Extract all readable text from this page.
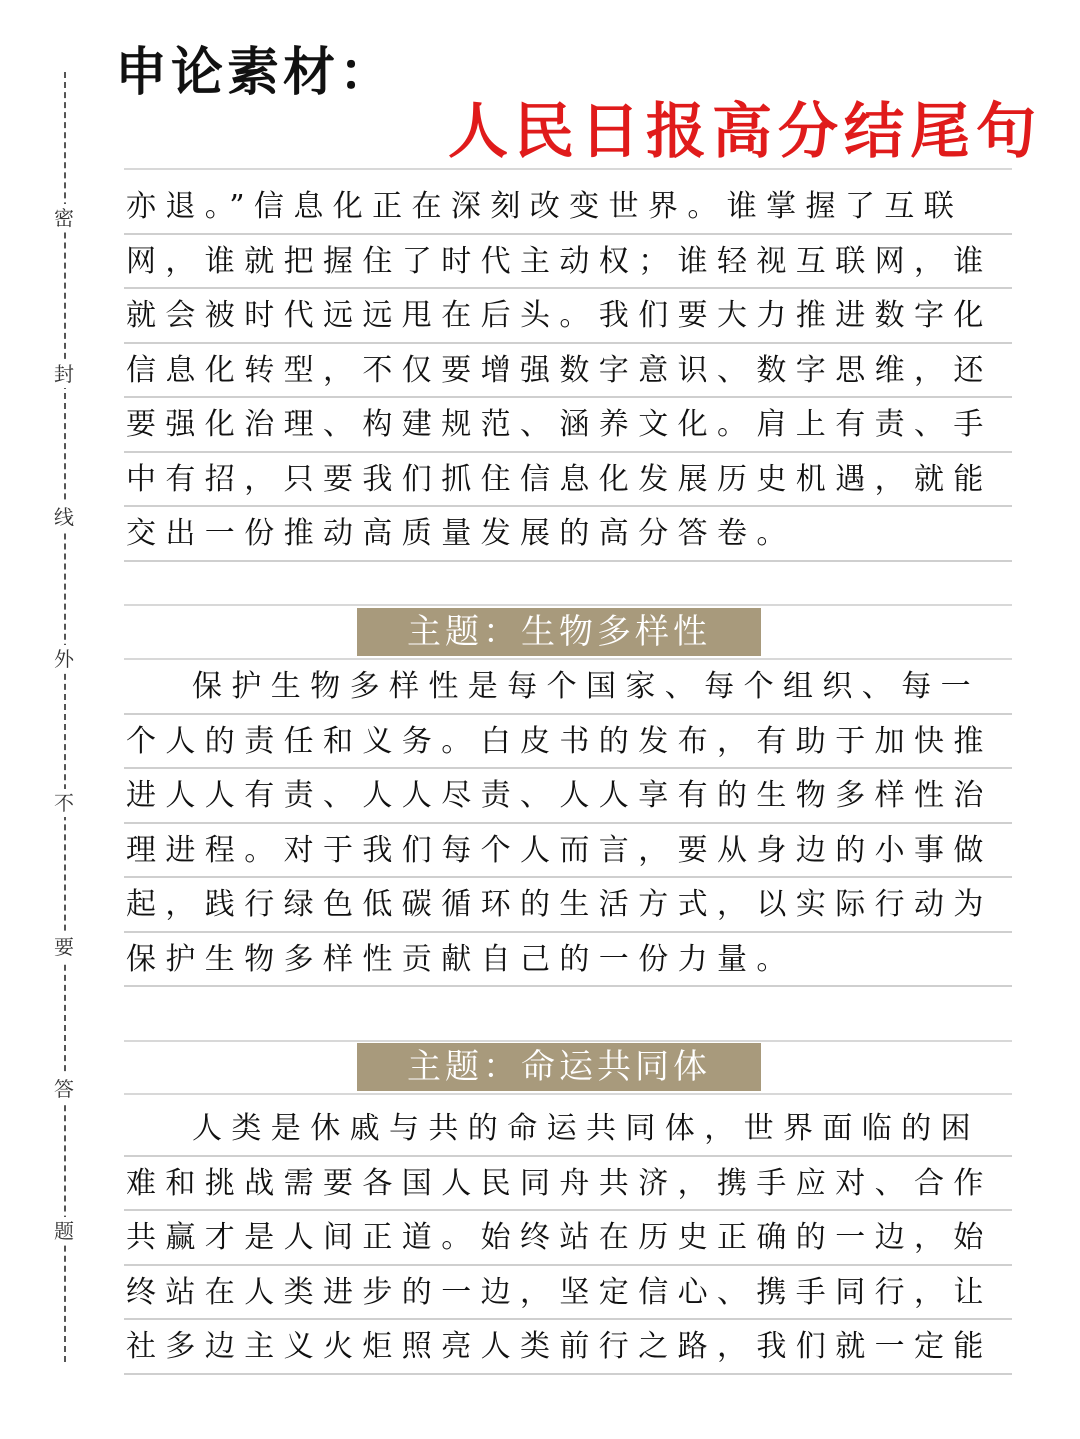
密
封
线
外
不
要
答
题
申论素材：
人民日报高分结尾句
亦退。”信息化正在深刻改变世界。谁掌握了互联
网，谁就把握住了时代主动权；谁轻视互联网，谁
就会被时代远远甩在后头。我们要大力推进数字化
信息化转型，不仅要增强数字意识、数字思维，还
要强化治理、构建规范、涵养文化。肩上有责、手
中有招，只要我们抓住信息化发展历史机遇，就能
交出一份推动高质量发展的高分答卷。
主题：生物多样性
保护生物多样性是每个国家、每个组织、每一
个人的责任和义务。白皮书的发布，有助于加快推
进人人有责、人人尽责、人人享有的生物多样性治
理进程。对于我们每个人而言，要从身边的小事做
起，践行绿色低碳循环的生活方式，以实际行动为
保护生物多样性贡献自己的一份力量。
主题：命运共同体
人类是休戚与共的命运共同体，世界面临的困
难和挑战需要各国人民同舟共济，携手应对、合作
共赢才是人间正道。始终站在历史正确的一边，始
终站在人类进步的一边，坚定信心、携手同行，让
社多边主义火炬照亮人类前行之路，我们就一定能
